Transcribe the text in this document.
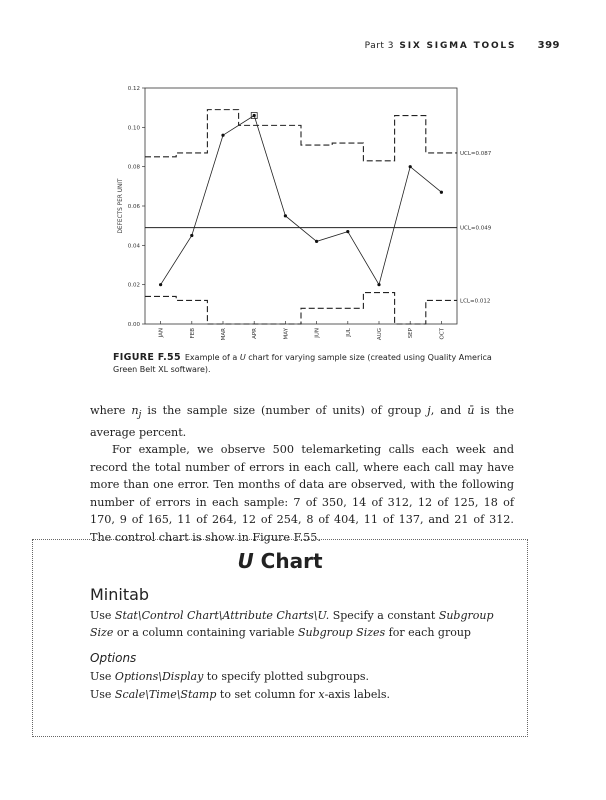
Part 3 SIX SIGMA TOOLS 399
0.00
0.02
0.04
0.06
0.08
0.10
0.12
JAN	FEB	MAR	APR	MAY	JUN	JUL	AUG	SEP	OCT
UCL=0.087
UCL=0.049
LCL=0.012
DEFECTS PER UNIT
FIGURE F.55 Example of a U chart for varying sample size (created using Quality America Green Belt XL software).

where $n_j$ is the sample size (number of units) of group j, and ū is the average percent.

For example, we observe 500 telemarketing calls each week and record the total number of errors in each call, where each call may have more than one error. Ten months of data are observed, with the following number of errors in each sample: 7 of 350, 14 of 312, 12 of 125, 18 of 170, 9 of 165, 11 of 264, 12 of 254, 8 of 404, 11 of 137, and 21 of 312. The control chart is show in Figure F.55.

U Chart
Minitab
Use Stat\Control Chart\Attribute Charts\U. Specify a constant Subgroup Size or a column containing variable Subgroup Sizes for each group
Options
Use Options\Display to specify plotted subgroups.
Use Scale\Time\Stamp to set column for x-axis labels.
